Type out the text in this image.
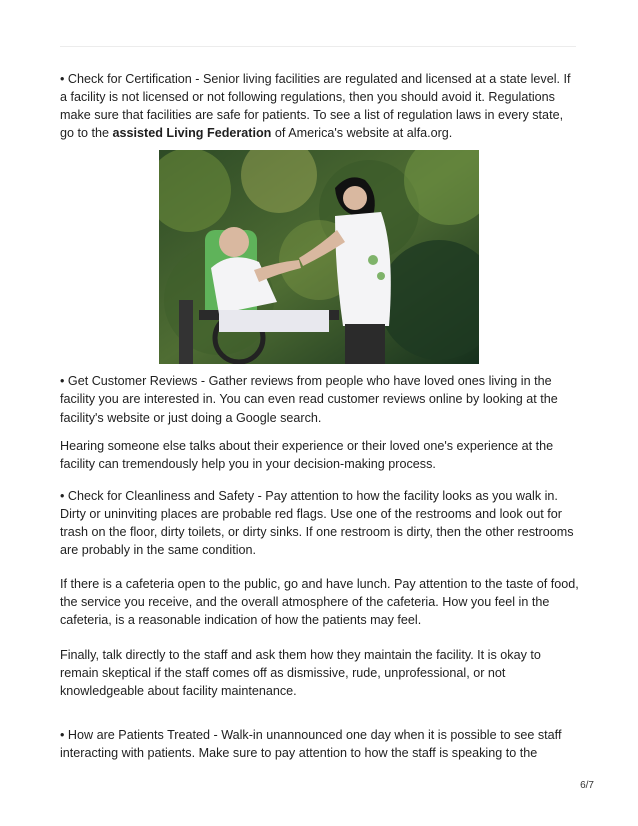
• Check for Certification - Senior living facilities are regulated and licensed at a state level. If a facility is not licensed or not following regulations, then you should avoid it. Regulations make sure that facilities are safe for patients. To see a list of regulation laws in every state, go to the assisted Living Federation of America's website at alfa.org.

• Get Customer Reviews - Gather reviews from people who have loved ones living in the facility you are interested in. You can even read customer reviews online by looking at the facility's website or just doing a Google search.

Hearing someone else talks about their experience or their loved one's experience at the facility can tremendously help you in your decision-making process.

• Check for Cleanliness and Safety - Pay attention to how the facility looks as you walk in. Dirty or uninviting places are probable red flags. Use one of the restrooms and look out for trash on the floor, dirty toilets, or dirty sinks. If one restroom is dirty, then the other restrooms are probably in the same condition.

If there is a cafeteria open to the public, go and have lunch. Pay attention to the taste of food, the service you receive, and the overall atmosphere of the cafeteria. How you feel in the cafeteria, is a reasonable indication of how the patients may feel.

Finally, talk directly to the staff and ask them how they maintain the facility. It is okay to remain skeptical if the staff comes off as dismissive, rude, unprofessional, or not knowledgeable about facility maintenance.

• How are Patients Treated - Walk-in unannounced one day when it is possible to see staff interacting with patients. Make sure to pay attention to how the staff is speaking to the

6/7
